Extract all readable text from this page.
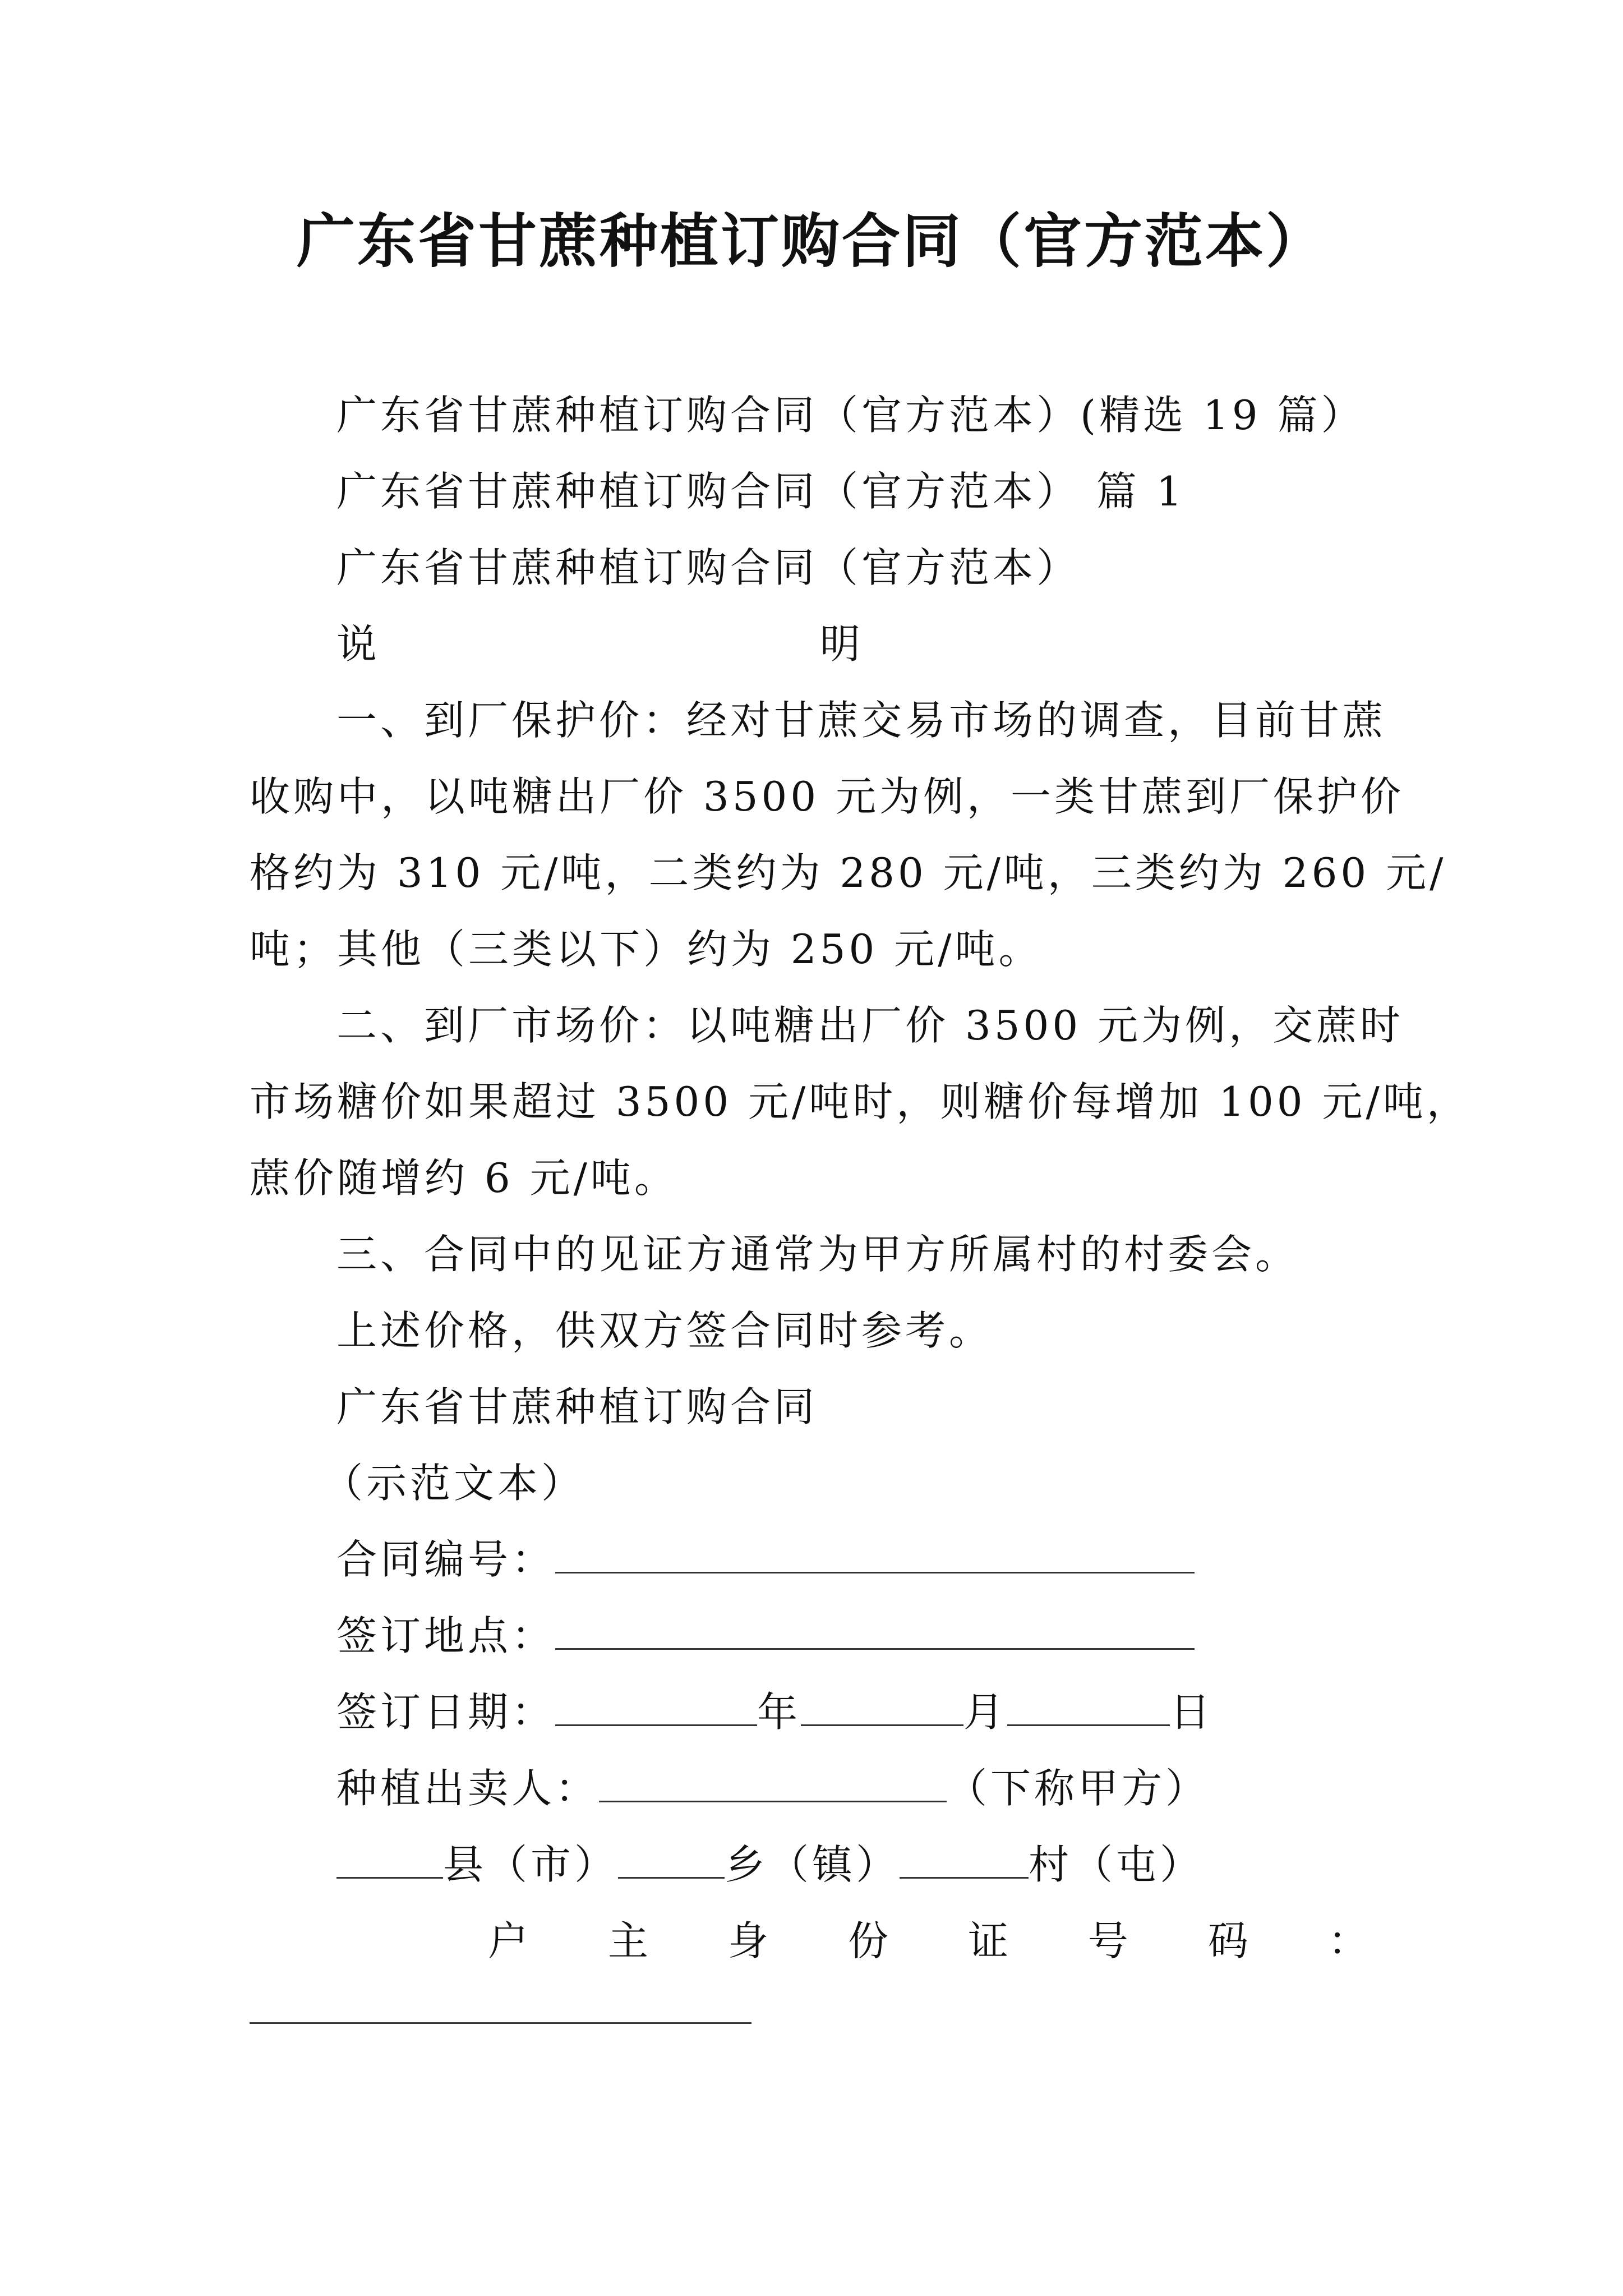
广东省甘蔗种植订购合同（官方范本）
广东省甘蔗种植订购合同（官方范本）(精选 19 篇）
广东省甘蔗种植订购合同（官方范本） 篇 1
广东省甘蔗种植订购合同（官方范本）
说	明
一、到厂保护价：经对甘蔗交易市场的调查，目前甘蔗
收购中，以吨糖出厂价 3500 元为例，一类甘蔗到厂保护价
格约为 310 元/吨，二类约为 280 元/吨，三类约为 260 元/
吨；其他（三类以下）约为 250 元/吨。
二、到厂市场价：以吨糖出厂价 3500 元为例，交蔗时
市场糖价如果超过 3500 元/吨时，则糖价每增加 100 元/吨，
蔗价随增约 6 元/吨。
三、合同中的见证方通常为甲方所属村的村委会。
上述价格，供双方签合同时参考。
广东省甘蔗种植订购合同
（示范文本）
合同编号：
签订地点：
签订日期：	年	月	日
种植出卖人：	（下称甲方）
县（市）	乡（镇）	村（屯）
户 主 身 份 证 号 码 ：
